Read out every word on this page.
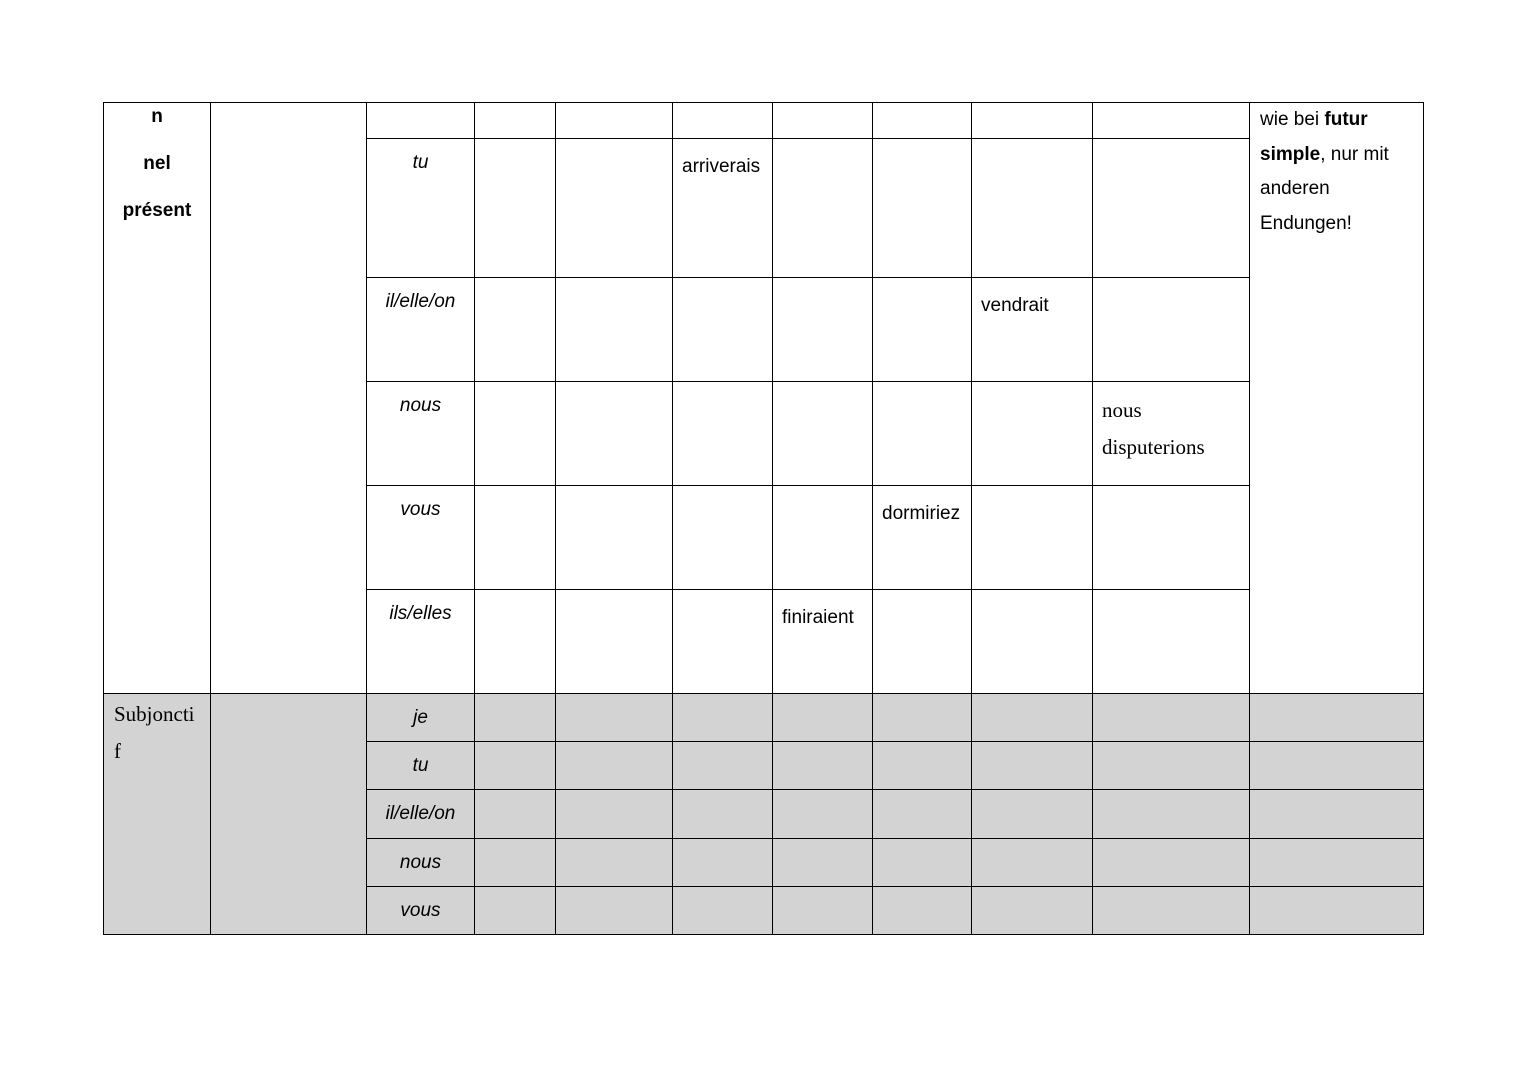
n
nel
présent										wie bei futur simple, nur mit anderen Endungen!

		tu			arriverais					

		il/elle/on						vendrait		

		nous							nous disputerions	

		vous					dormiriez			

		ils/elles				finiraient				

Subjonctif		je								

		tu								

		il/elle/on								

		nous								

		vous								
